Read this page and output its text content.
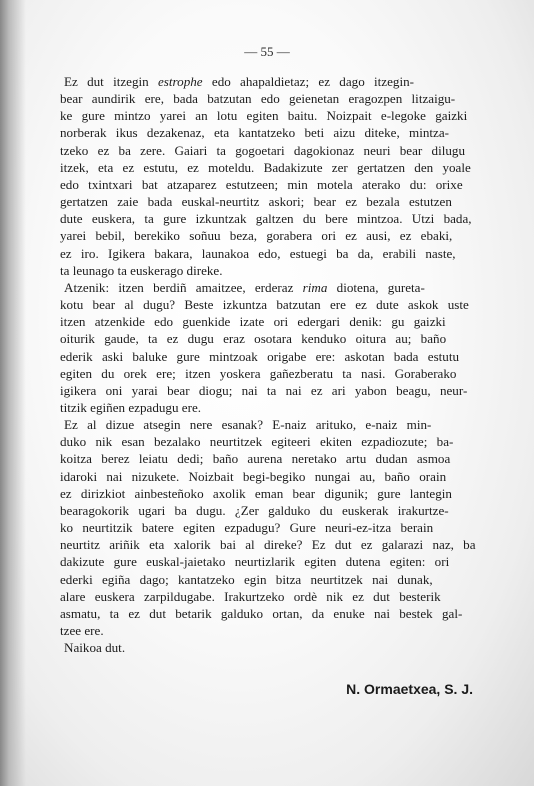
— 55 —
Ez dut itzegin estrophe edo ahapaldietaz; ez dago itzegin-
bear aundirik ere, bada batzutan edo geienetan eragozpen litzaigu-
ke gure mintzo yarei an lotu egiten baitu. Noizpait e-legoke gaizki
norberak ikus dezakenaz, eta kantatzeko beti aizu diteke, mintza-
tzeko ez ba zere. Gaiari ta gogoetari dagokionaz neuri bear dilugu
itzek, eta ez estutu, ez moteldu. Badakizute zer gertatzen den yoale
edo txintxari bat atzaparez estutzeen; min motela aterako du: orixe
gertatzen zaie bada euskal-neurtitz askori; bear ez bezala estutzen
dute euskera, ta gure izkuntzak galtzen du bere mintzoa. Utzi bada,
yarei bebil, berekiko soñuu beza, gorabera ori ez ausi, ez ebaki,
ez iro. Igikera bakara, launakoa edo, estuegi ba da, erabili naste,
ta leunago ta euskerago direke.
Atzenik: itzen berdiñ amaitzee, erderaz rima diotena, gureta-
kotu bear al dugu? Beste izkuntza batzutan ere ez dute askok uste
itzen atzenkide edo guenkide izate ori edergari denik: gu gaizki
oiturik gaude, ta ez dugu eraz osotara kenduko oitura au; baño
ederik aski baluke gure mintzoak origabe ere: askotan bada estutu
egiten du orek ere; itzen yoskera gañezberatu ta nasi. Goraberako
igikera oni yarai bear diogu; nai ta nai ez ari yabon beagu, neur-
titzik egiñen ezpadugu ere.
Ez al dizue atsegin nere esanak? E-naiz arituko, e-naiz min-
duko nik esan bezalako neurtitzek egiteeri ekiten ezpadiozute; ba-
koitza berez leiatu dedi; baño aurena neretako artu dudan asmoa
idaroki nai nizukete. Noizbait begi-begiko nungai au, baño orain
ez dirizkiot ainbesteñoko axolik eman bear digunik; gure lantegin
bearagokorik ugari ba dugu. ¿Zer galduko du euskerak irakurtze-
ko neurtitzik batere egiten ezpadugu? Gure neuri-ez-itza berain
neurtitz ariñik eta xalorik bai al direke? Ez dut ez galarazi naz, ba
dakizute gure euskal-jaietako neurtizlarik egiten dutena egiten: ori
ederki egiña dago; kantatzeko egin bitza neurtitzek nai dunak,
alare euskera zarpildugabe. Irakurtzeko ordè nik ez dut besterik
asmatu, ta ez dut betarik galduko ortan, da enuke nai bestek gal-
tzee ere.
Naikoa dut.
N. Ormaetxea, S. J.
